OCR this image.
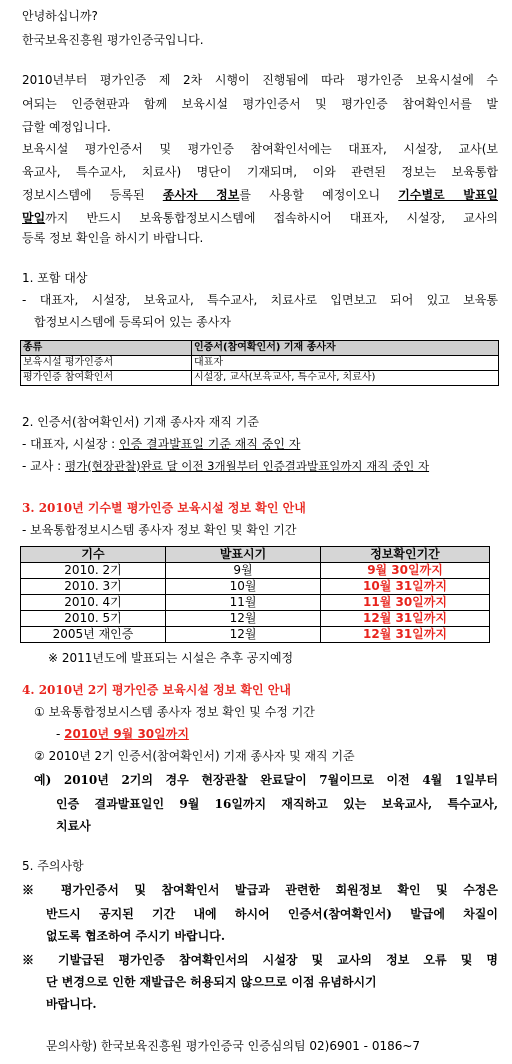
안녕하십니까?
한국보육진흥원 평가인증국입니다.
2010년부터 평가인증 제 2차 시행이 진행됨에 따라 평가인증 보육시설에 수
여되는 인증현판과 함께 보육시설 평가인증서 및 평가인증 참여확인서를 발
급할 예정입니다.
보육시설 평가인증서 및 평가인증 참여확인서에는 대표자, 시설장, 교사(보
육교사, 특수교사, 치료사) 명단이 기재되며, 이와 관련된 정보는 보육통합
정보시스템에 등록된 종사자 정보를 사용할 예정이오니 기수별로 발표일
말일까지 반드시 보육통합정보시스템에 접속하시어 대표자, 시설장, 교사의
등록 정보 확인을 하시기 바랍니다.
1. 포함 대상
- 대표자, 시설장, 보육교사, 특수교사, 치료사로 입면보고 되어 있고 보육통
합정보시스템에 등록되어 있는 종사자
종류	인증서(참여확인서) 기재 종사자
보육시설 평가인증서	대표자
평가인증 참여확인서	시설장, 교사(보육교사, 특수교사, 치료사)
2. 인증서(참여확인서) 기재 종사자 재직 기준
- 대표자, 시설장 : 인증 결과발표일 기준 재직 중인 자
- 교사 : 평가(현장관찰)완료 달 이전 3개월부터 인증결과발표일까지 재직 중인 자
3. 2010년 기수별 평가인증 보육시설 정보 확인 안내
- 보육통합정보시스템 종사자 정보 확인 및 확인 기간
기수	발표시기	정보확인기간
2010. 2기	9월	9월 30일까지
2010. 3기	10월	10월 31일까지
2010. 4기	11월	11월 30일까지
2010. 5기	12월	12월 31일까지
2005년 재인증	12월	12월 31일까지
※ 2011년도에 발표되는 시설은 추후 공지예정
4. 2010년 2기 평가인증 보육시설 정보 확인 안내
① 보육통합정보시스템 종사자 정보 확인 및 수정 기간
- 2010년 9월 30일까지
② 2010년 2기 인증서(참여확인서) 기재 종사자 및 재직 기준
예) 2010년 2기의 경우 현장관찰 완료달이 7월이므로 이전 4월 1일부터
인증 결과발표일인 9월 16일까지 재직하고 있는 보육교사, 특수교사,
치료사
5. 주의사항
※ 평가인증서 및 참여확인서 발급과 관련한 회원정보 확인 및 수정은
반드시 공지된 기간 내에 하시어 인증서(참여확인서) 발급에 차질이
없도록 협조하여 주시기 바랍니다.
※ 기발급된 평가인증 참여확인서의 시설장 및 교사의 정보 오류 및 명
단 변경으로 인한 재발급은 허용되지 않으므로 이점 유념하시기
바랍니다.
문의사항) 한국보육진흥원 평가인증국 인증심의팀 02)6901 - 0186~7
